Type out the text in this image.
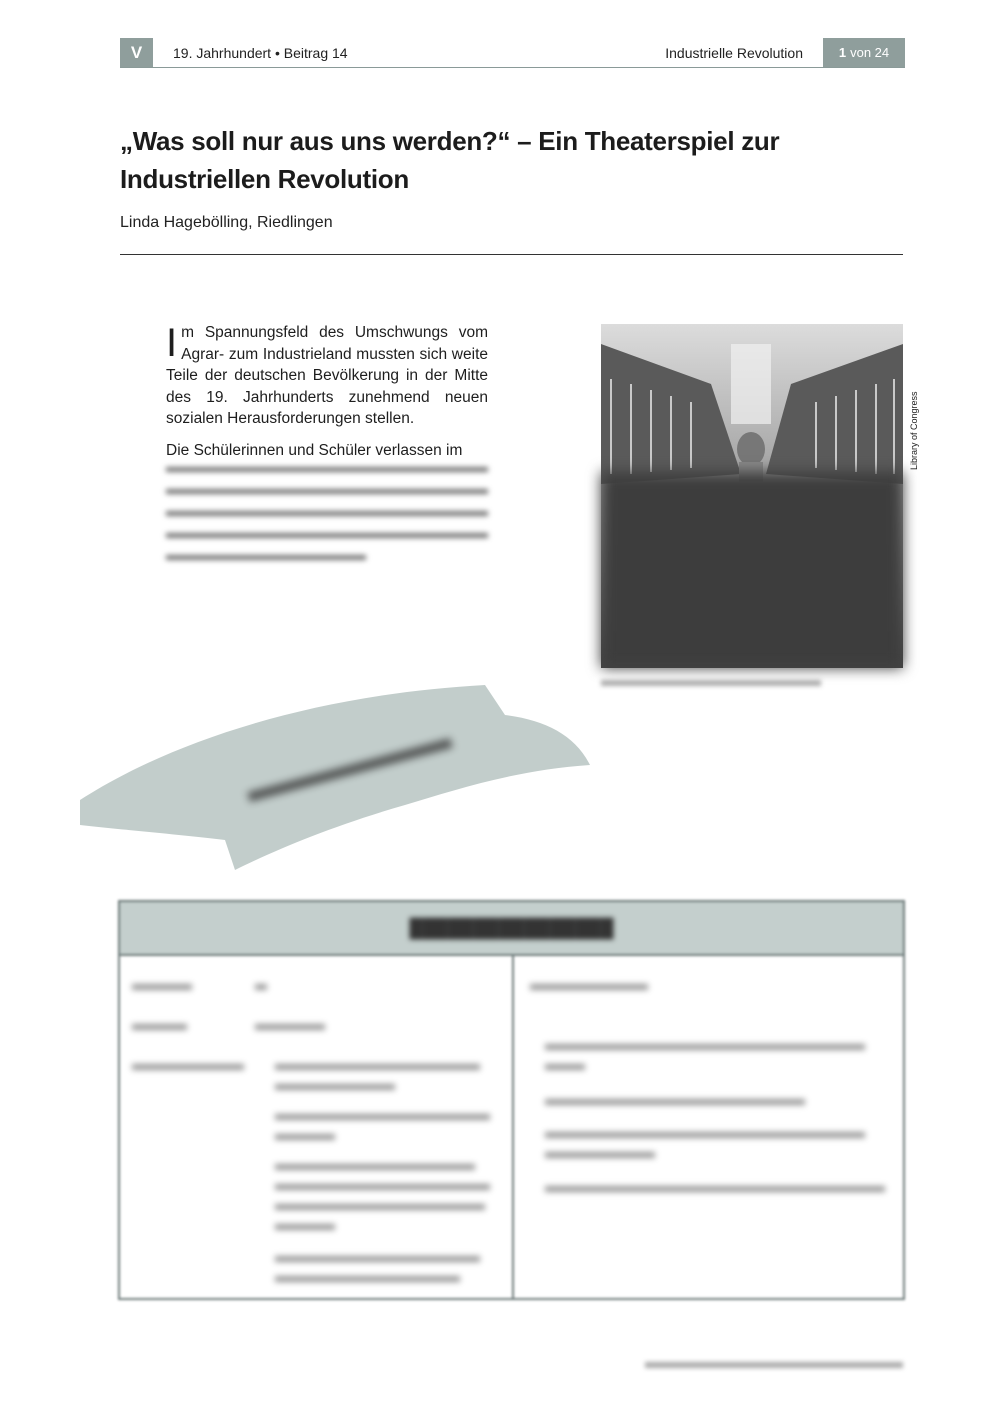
V	19. Jahrhundert • Beitrag 14	Industrielle Revolution	1 von 24
„Was soll nur aus uns werden?“ – Ein Theaterspiel zur Industriellen Revolution
Linda Hagebölling, Riedlingen

Im Spannungsfeld des Umschwungs vom Agrar- zum Industrieland mussten sich weite Teile der deutschen Bevölkerung in der Mitte des 19. Jahrhunderts zunehmend neuen sozialen Herausforderungen stellen.

Die Schülerinnen und Schüler verlassen im	Library of Congress
████████████████
